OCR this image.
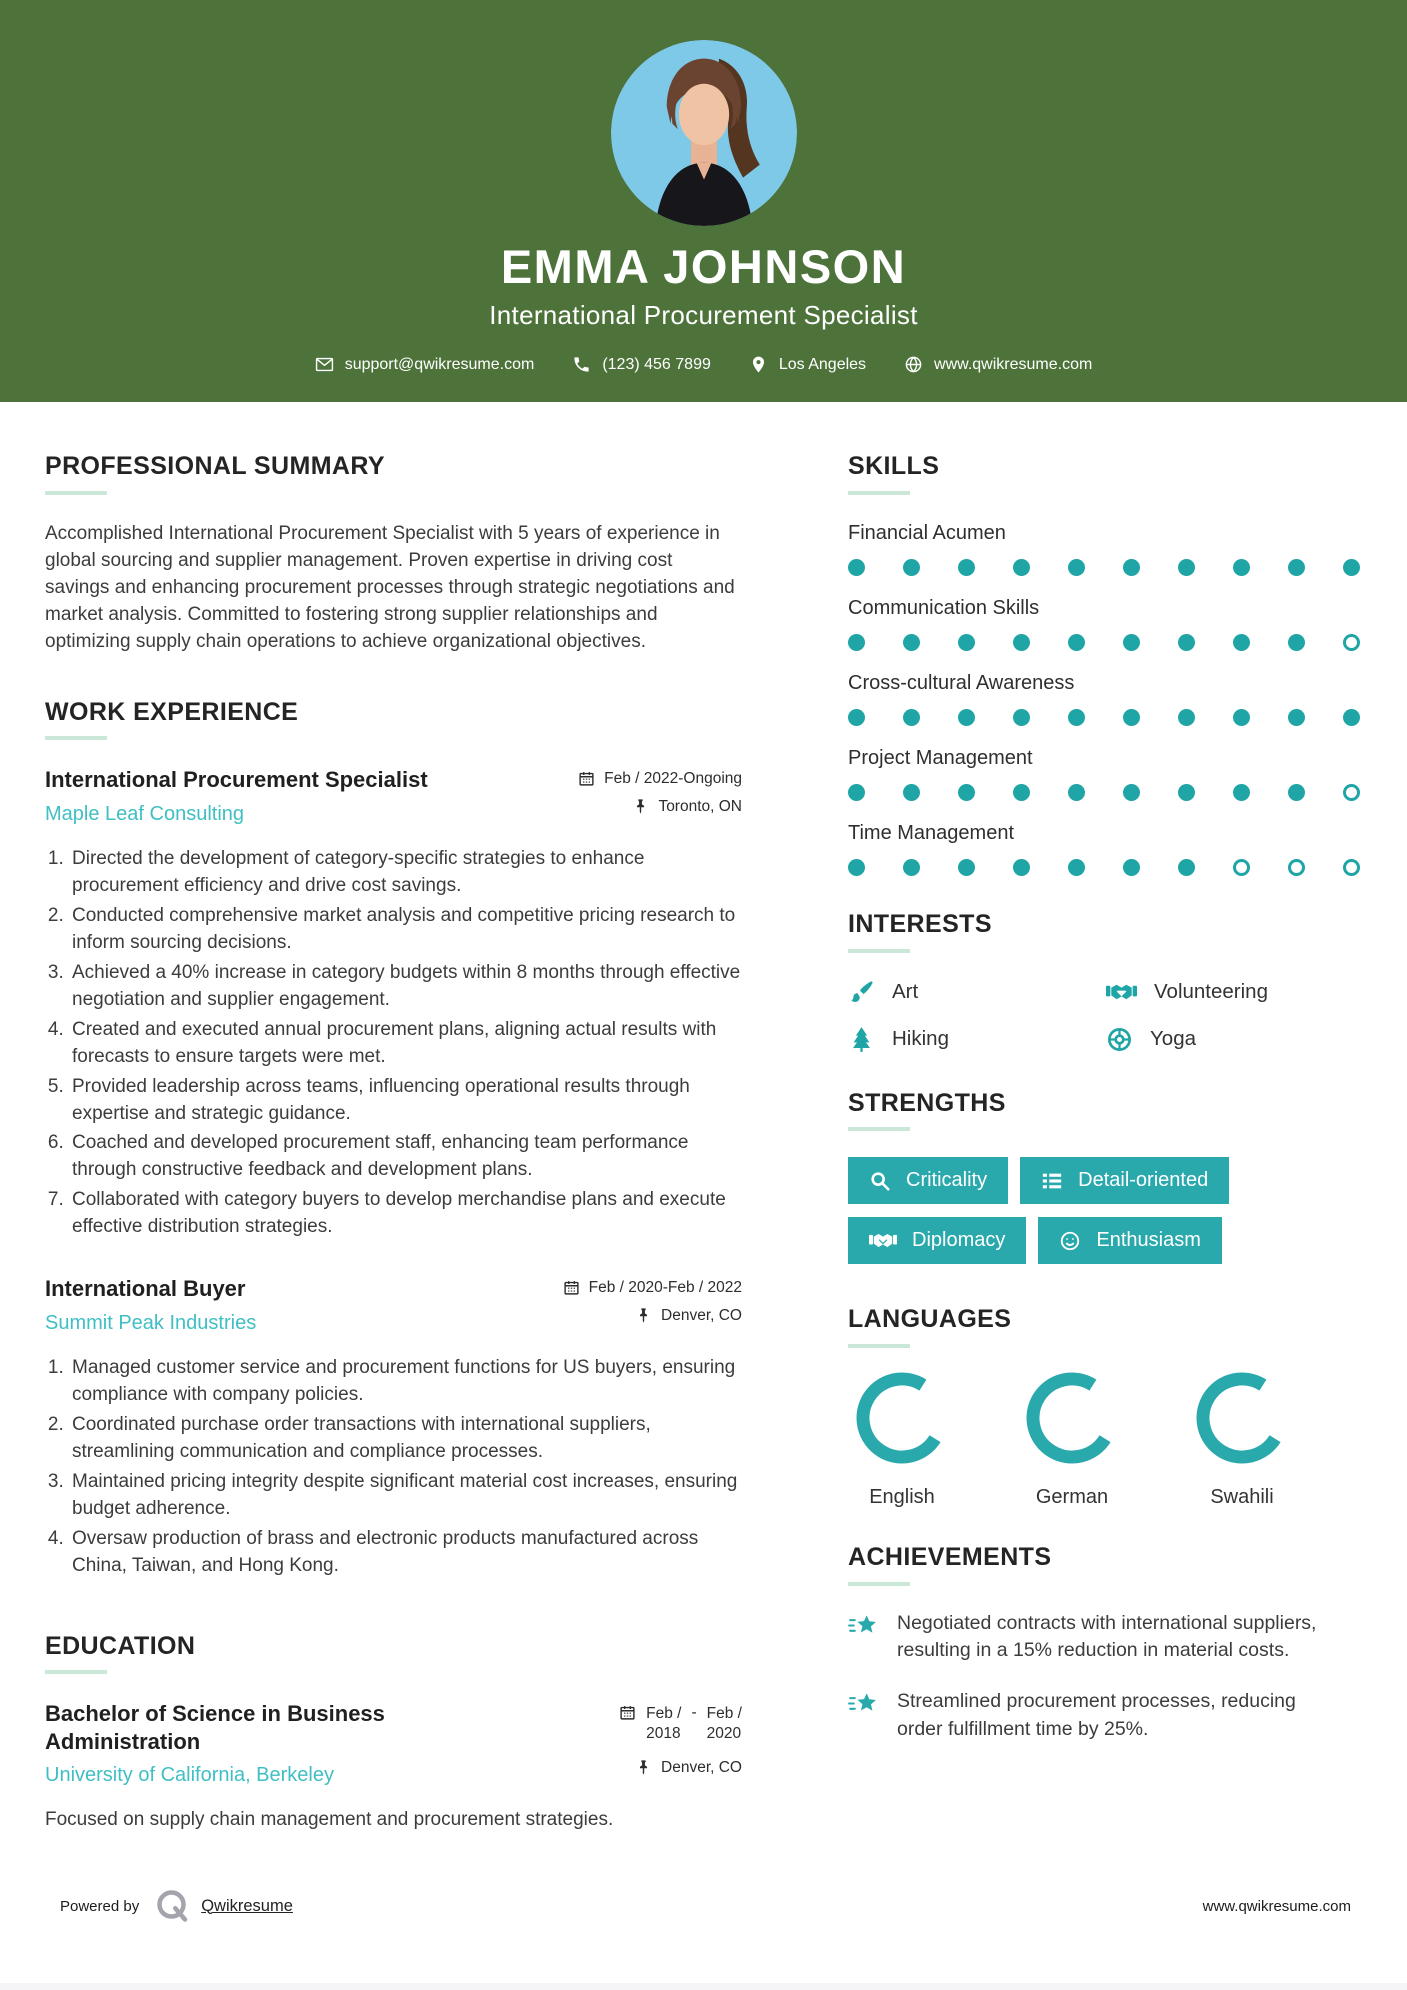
EMMA JOHNSON
International Procurement Specialist
support@qwikresume.com	(123) 456 7899	Los Angeles	www.qwikresume.com
PROFESSIONAL SUMMARY

Accomplished International Procurement Specialist with 5 years of experience in global sourcing and supplier management. Proven expertise in driving cost savings and enhancing procurement processes through strategic negotiations and market analysis. Committed to fostering strong supplier relationships and optimizing supply chain operations to achieve organizational objectives.

WORK EXPERIENCE
International Procurement Specialist	Feb / 2022-Ongoing
Maple Leaf Consulting	Toronto, ON
1. Directed the development of category-specific strategies to enhance procurement efficiency and drive cost savings.
2. Conducted comprehensive market analysis and competitive pricing research to inform sourcing decisions.
3. Achieved a 40% increase in category budgets within 8 months through effective negotiation and supplier engagement.
4. Created and executed annual procurement plans, aligning actual results with forecasts to ensure targets were met.
5. Provided leadership across teams, influencing operational results through expertise and strategic guidance.
6. Coached and developed procurement staff, enhancing team performance through constructive feedback and development plans.
7. Collaborated with category buyers to develop merchandise plans and execute effective distribution strategies.
International Buyer	Feb / 2020-Feb / 2022
Summit Peak Industries	Denver, CO
1. Managed customer service and procurement functions for US buyers, ensuring compliance with company policies.
2. Coordinated purchase order transactions with international suppliers, streamlining communication and compliance processes.
3. Maintained pricing integrity despite significant material cost increases, ensuring budget adherence.
4. Oversaw production of brass and electronic products manufactured across China, Taiwan, and Hong Kong.
EDUCATION
Bachelor of Science in Business Administration
Feb /
2018
- Feb /
2020
University of California, Berkeley	Denver, CO
Focused on supply chain management and procurement strategies.
SKILLS
Financial Acumen
Communication Skills
Cross-cultural Awareness
Project Management
Time Management
INTERESTS
Art	Volunteering
Hiking	Yoga
STRENGTHS
Criticality	Detail-oriented

Diplomacy	Enthusiasm
LANGUAGES
English	German	Swahili
ACHIEVEMENTS
Negotiated contracts with international suppliers, resulting in a 15% reduction in material costs.
Streamlined procurement processes, reducing order fulfillment time by 25%.
Powered by	Qwikresume	www.qwikresume.com
